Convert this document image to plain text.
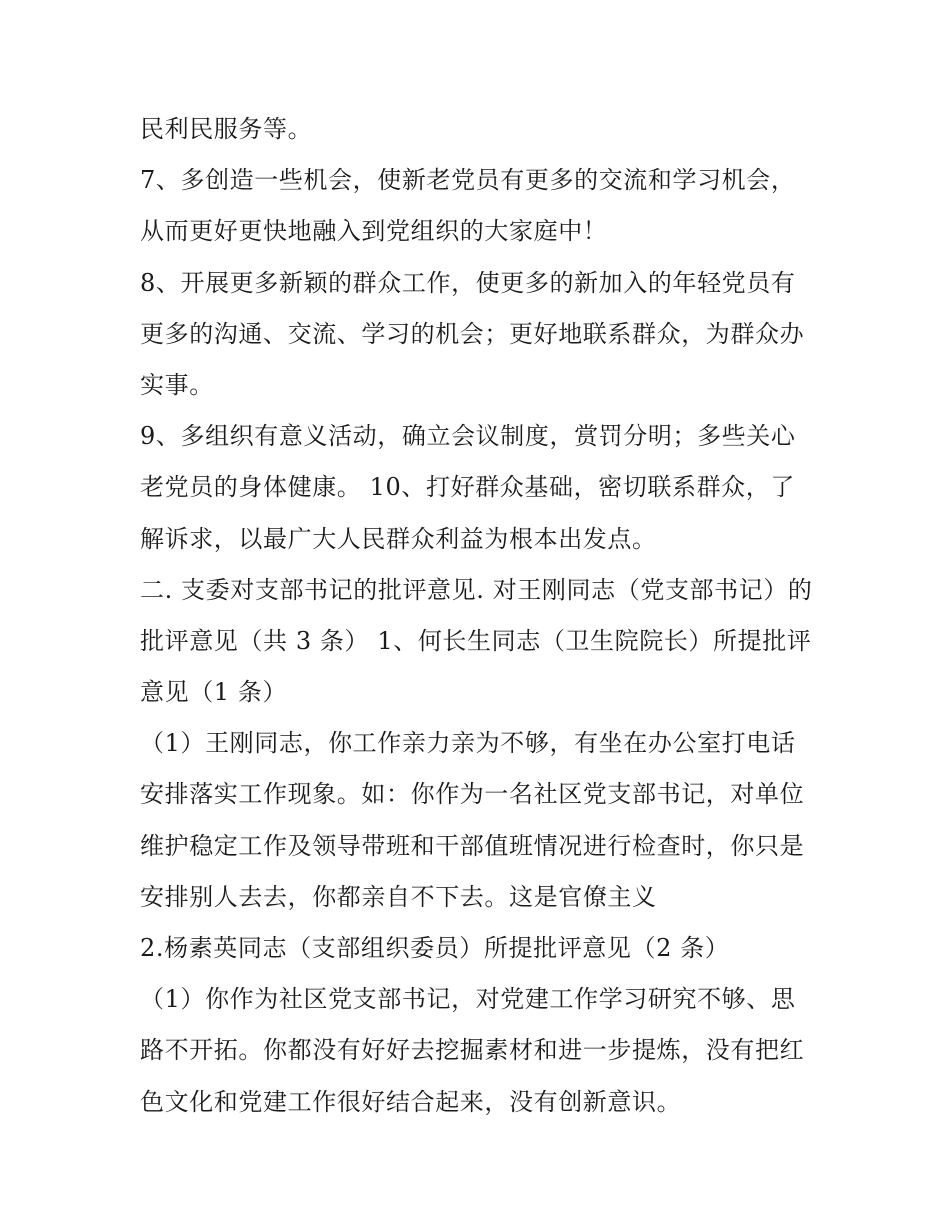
民利民服务等。
7、多创造一些机会，使新老党员有更多的交流和学习机会，
从而更好更快地融入到党组织的大家庭中！
8、开展更多新颖的群众工作，使更多的新加入的年轻党员有
更多的沟通、交流、学习的机会；更好地联系群众，为群众办
实事。
9、多组织有意义活动，确立会议制度，赏罚分明；多些关心
老党员的身体健康。 10、打好群众基础，密切联系群众，了
解诉求，以最广大人民群众利益为根本出发点。
二. 支委对支部书记的批评意见. 对王刚同志（党支部书记）的
批评意见（共 3 条） 1、何长生同志（卫生院院长）所提批评
意见（1 条）
（1）王刚同志，你工作亲力亲为不够，有坐在办公室打电话
安排落实工作现象。如：你作为一名社区党支部书记，对单位
维护稳定工作及领导带班和干部值班情况进行检查时，你只是
安排别人去去，你都亲自不下去。这是官僚主义
2.杨素英同志（支部组织委员）所提批评意见（2 条）
（1）你作为社区党支部书记，对党建工作学习研究不够、思
路不开拓。你都没有好好去挖掘素材和进一步提炼，没有把红
色文化和党建工作很好结合起来，没有创新意识。
